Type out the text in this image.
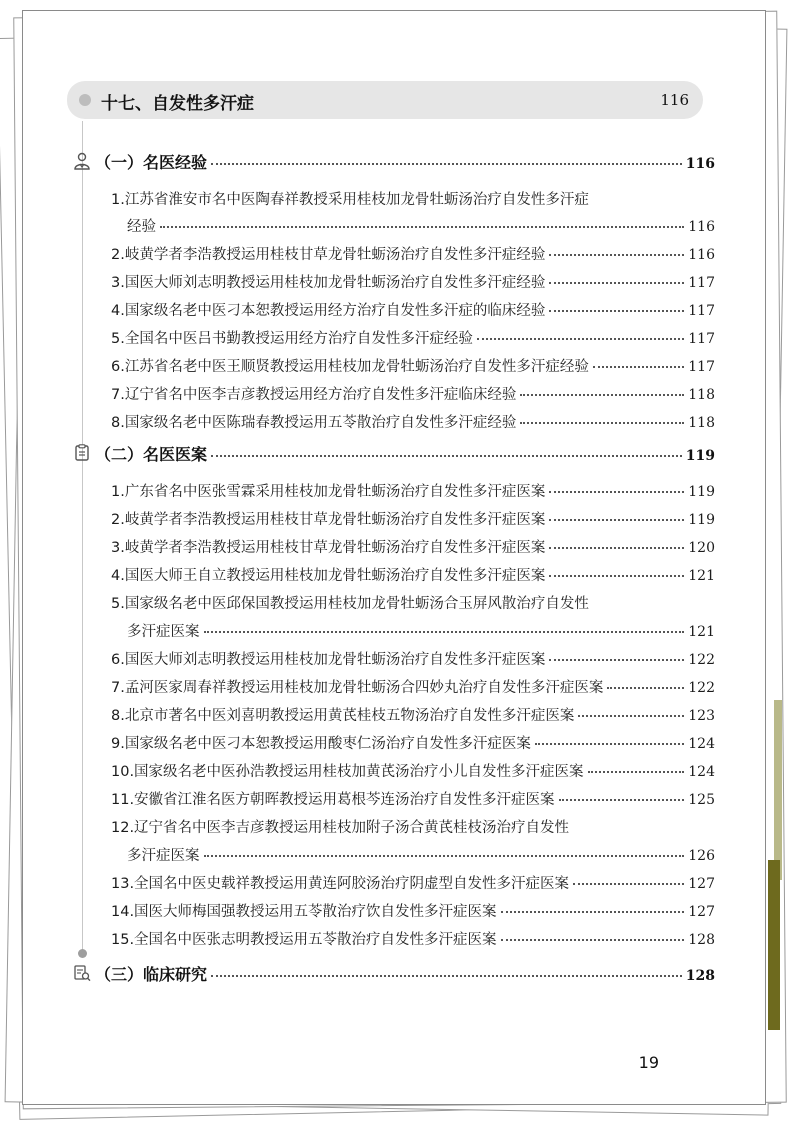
十七、自发性多汗症	116
（一）名医经验	116
1.江苏省淮安市名中医陶春祥教授采用桂枝加龙骨牡蛎汤治疗自发性多汗症
经验	116
2.岐黄学者李浩教授运用桂枝甘草龙骨牡蛎汤治疗自发性多汗症经验	116
3.国医大师刘志明教授运用桂枝加龙骨牡蛎汤治疗自发性多汗症经验	117
4.国家级名老中医刁本恕教授运用经方治疗自发性多汗症的临床经验	117
5.全国名中医吕书勤教授运用经方治疗自发性多汗症经验	117
6.江苏省名老中医王顺贤教授运用桂枝加龙骨牡蛎汤治疗自发性多汗症经验	117
7.辽宁省名中医李吉彦教授运用经方治疗自发性多汗症临床经验	118
8.国家级名老中医陈瑞春教授运用五苓散治疗自发性多汗症经验	118
（二）名医医案	119
1.广东省名中医张雪霖采用桂枝加龙骨牡蛎汤治疗自发性多汗症医案	119
2.岐黄学者李浩教授运用桂枝甘草龙骨牡蛎汤治疗自发性多汗症医案	119
3.岐黄学者李浩教授运用桂枝甘草龙骨牡蛎汤治疗自发性多汗症医案	120
4.国医大师王自立教授运用桂枝加龙骨牡蛎汤治疗自发性多汗症医案	121
5.国家级名老中医邱保国教授运用桂枝加龙骨牡蛎汤合玉屏风散治疗自发性
多汗症医案	121
6.国医大师刘志明教授运用桂枝加龙骨牡蛎汤治疗自发性多汗症医案	122
7.孟河医家周春祥教授运用桂枝加龙骨牡蛎汤合四妙丸治疗自发性多汗症医案	122
8.北京市著名中医刘喜明教授运用黄芪桂枝五物汤治疗自发性多汗症医案	123
9.国家级名老中医刁本恕教授运用酸枣仁汤治疗自发性多汗症医案	124
10.国家级名老中医孙浩教授运用桂枝加黄芪汤治疗小儿自发性多汗症医案	124
11.安徽省江淮名医方朝晖教授运用葛根芩连汤治疗自发性多汗症医案	125
12.辽宁省名中医李吉彦教授运用桂枝加附子汤合黄芪桂枝汤治疗自发性
多汗症医案	126
13.全国名中医史载祥教授运用黄连阿胶汤治疗阴虚型自发性多汗症医案	127
14.国医大师梅国强教授运用五苓散治疗饮自发性多汗症医案	127
15.全国名中医张志明教授运用五苓散治疗自发性多汗症医案	128
（三）临床研究	128
19
